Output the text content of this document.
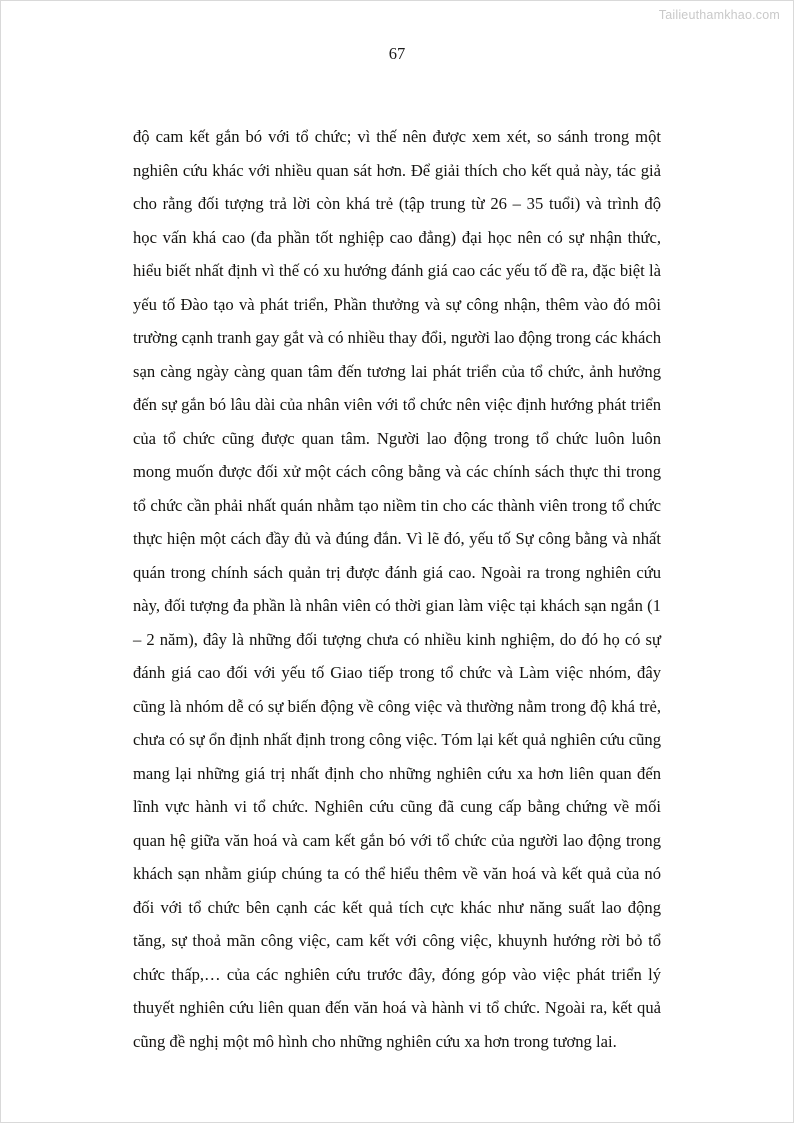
Tailieuthamkhao.com
67

độ cam kết gắn bó với tổ chức; vì thế nên được xem xét, so sánh trong một nghiên cứu khác với nhiều quan sát hơn. Để giải thích cho kết quả này, tác giả cho rằng đối tượng trả lời còn khá trẻ (tập trung từ 26 – 35 tuổi) và trình độ học vấn khá cao (đa phần tốt nghiệp cao đẳng) đại học nên có sự nhận thức, hiểu biết nhất định vì thế có xu hướng đánh giá cao các yếu tố đề ra, đặc biệt là yếu tố Đào tạo và phát triển, Phần thưởng và sự công nhận, thêm vào đó môi trường cạnh tranh gay gắt và có nhiều thay đổi, người lao động trong các khách sạn càng ngày càng quan tâm đến tương lai phát triển của tổ chức, ảnh hưởng đến sự gắn bó lâu dài của nhân viên với tổ chức nên việc định hướng phát triển của tổ chức cũng được quan tâm. Người lao động trong tổ chức luôn luôn mong muốn được đối xử một cách công bằng và các chính sách thực thi trong tổ chức cần phải nhất quán nhằm tạo niềm tin cho các thành viên trong tổ chức thực hiện một cách đầy đủ và đúng đắn. Vì lẽ đó, yếu tố Sự công bằng và nhất quán trong chính sách quản trị được đánh giá cao. Ngoài ra trong nghiên cứu này, đối tượng đa phần là nhân viên có thời gian làm việc tại khách sạn ngắn (1 – 2 năm), đây là những đối tượng chưa có nhiều kinh nghiệm, do đó họ có sự đánh giá cao đối với yếu tố Giao tiếp trong tổ chức và Làm việc nhóm, đây cũng là nhóm dễ có sự biến động về công việc và thường nằm trong độ khá trẻ, chưa có sự ổn định nhất định trong công việc. Tóm lại kết quả nghiên cứu cũng mang lại những giá trị nhất định cho những nghiên cứu xa hơn liên quan đến lĩnh vực hành vi tổ chức. Nghiên cứu cũng đã cung cấp bằng chứng về mối quan hệ giữa văn hoá và cam kết gắn bó với tổ chức của người lao động trong khách sạn nhằm giúp chúng ta có thể hiểu thêm về văn hoá và kết quả của nó đối với tổ chức bên cạnh các kết quả tích cực khác như năng suất lao động tăng, sự thoả mãn công việc, cam kết với công việc, khuynh hướng rời bỏ tổ chức thấp,… của các nghiên cứu trước đây, đóng góp vào việc phát triển lý thuyết nghiên cứu liên quan đến văn hoá và hành vi tổ chức. Ngoài ra, kết quả cũng đề nghị một mô hình cho những nghiên cứu xa hơn trong tương lai.
